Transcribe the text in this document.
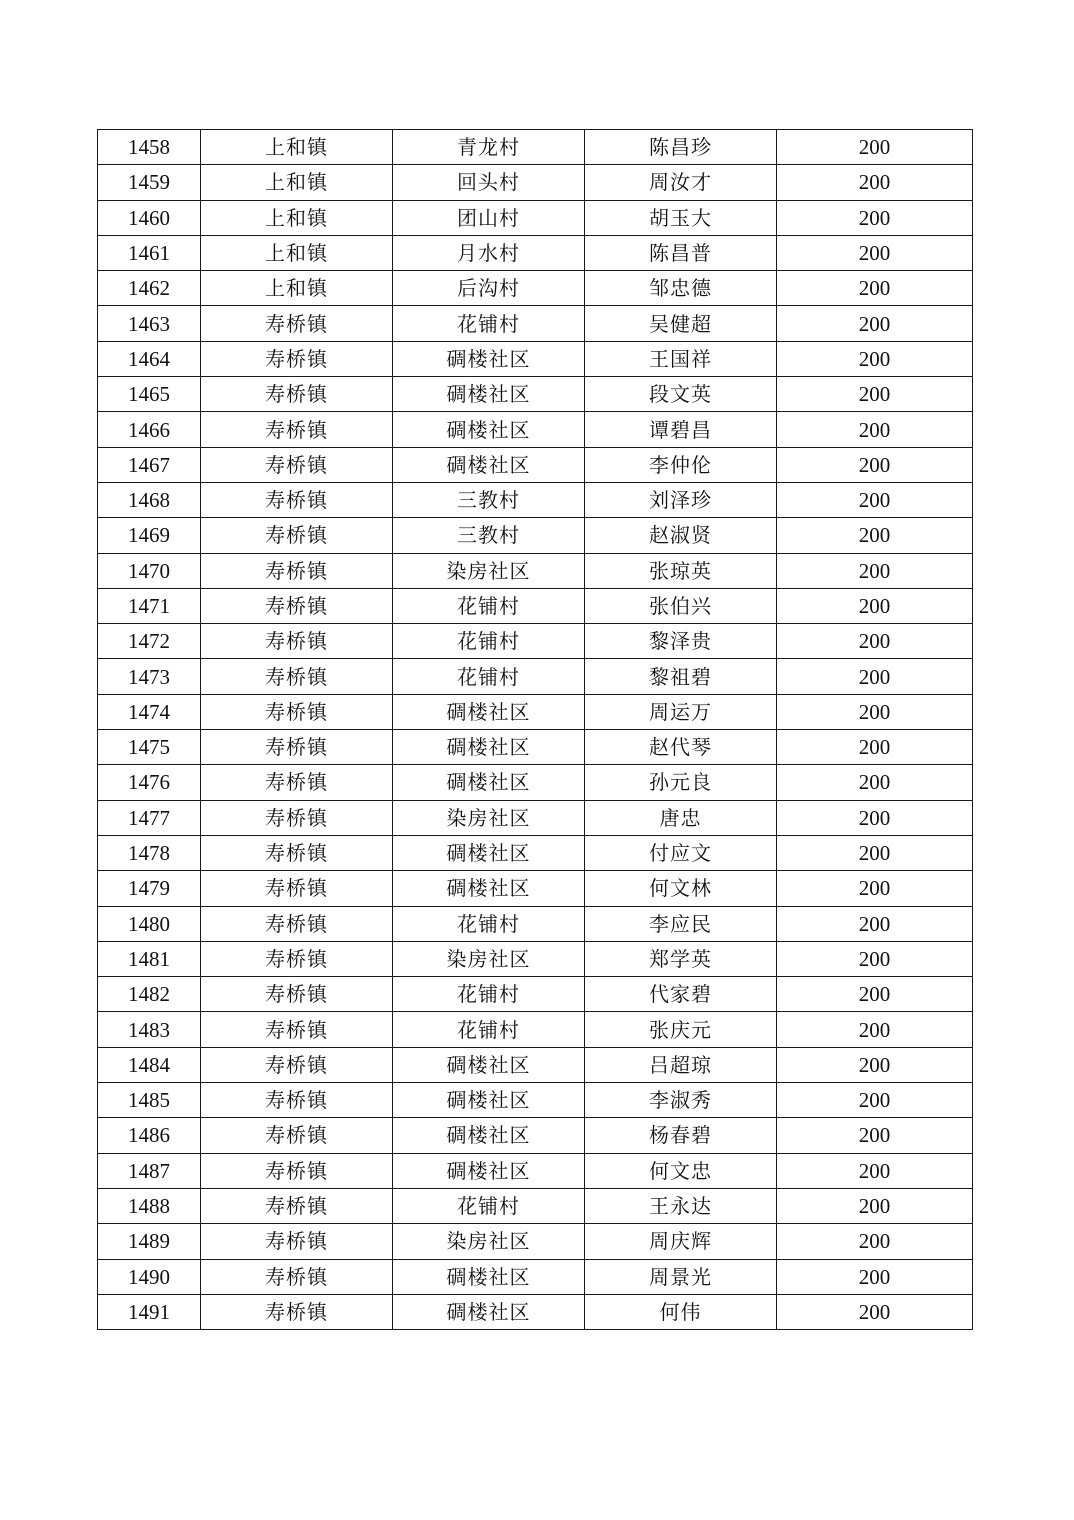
1458	上和镇	青龙村	陈昌珍	200
1459	上和镇	回头村	周汝才	200
1460	上和镇	团山村	胡玉大	200
1461	上和镇	月水村	陈昌普	200
1462	上和镇	后沟村	邹忠德	200
1463	寿桥镇	花铺村	吴健超	200
1464	寿桥镇	碉楼社区	王国祥	200
1465	寿桥镇	碉楼社区	段文英	200
1466	寿桥镇	碉楼社区	谭碧昌	200
1467	寿桥镇	碉楼社区	李仲伦	200
1468	寿桥镇	三教村	刘泽珍	200
1469	寿桥镇	三教村	赵淑贤	200
1470	寿桥镇	染房社区	张琼英	200
1471	寿桥镇	花铺村	张伯兴	200
1472	寿桥镇	花铺村	黎泽贵	200
1473	寿桥镇	花铺村	黎祖碧	200
1474	寿桥镇	碉楼社区	周运万	200
1475	寿桥镇	碉楼社区	赵代琴	200
1476	寿桥镇	碉楼社区	孙元良	200
1477	寿桥镇	染房社区	唐忠	200
1478	寿桥镇	碉楼社区	付应文	200
1479	寿桥镇	碉楼社区	何文林	200
1480	寿桥镇	花铺村	李应民	200
1481	寿桥镇	染房社区	郑学英	200
1482	寿桥镇	花铺村	代家碧	200
1483	寿桥镇	花铺村	张庆元	200
1484	寿桥镇	碉楼社区	吕超琼	200
1485	寿桥镇	碉楼社区	李淑秀	200
1486	寿桥镇	碉楼社区	杨春碧	200
1487	寿桥镇	碉楼社区	何文忠	200
1488	寿桥镇	花铺村	王永达	200
1489	寿桥镇	染房社区	周庆辉	200
1490	寿桥镇	碉楼社区	周景光	200
1491	寿桥镇	碉楼社区	何伟	200
